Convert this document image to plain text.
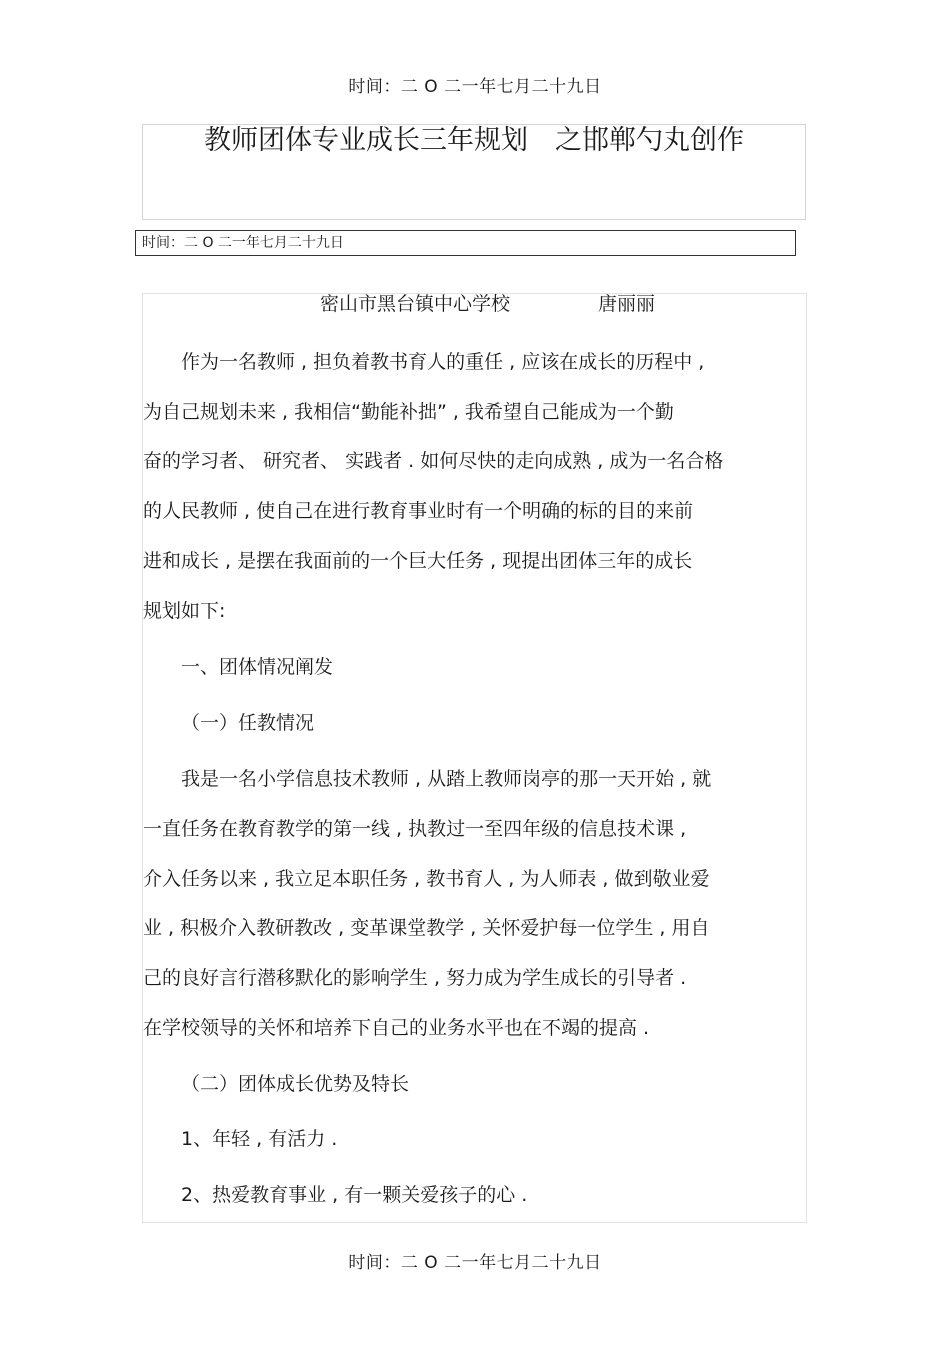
时间：二 O 二一年七月二十九日
教师团体专业成长三年规划　之邯郸勺丸创作
时间：二 O 二一年七月二十九日
密山市黑台镇中心学校	唐丽丽
作为一名教师 , 担负着教书育人的重任 , 应该在成长的历程中 ,
为自己规划未来 , 我相信“勤能补拙” , 我希望自己能成为一个勤
奋的学习者、 研究者、 实践者 . 如何尽快的走向成熟 , 成为一名合格
的人民教师 , 使自己在进行教育事业时有一个明确的标的目的来前
进和成长 , 是摆在我面前的一个巨大任务 , 现提出团体三年的成长
规划如下:
一、团体情况阐发
（一）任教情况
我是一名小学信息技术教师 , 从踏上教师岗亭的那一天开始 , 就
一直任务在教育教学的第一线 , 执教过一至四年级的信息技术课 ,
介入任务以来 , 我立足本职任务 , 教书育人 , 为人师表 , 做到敬业爱
业 , 积极介入教研教改 , 变革课堂教学 , 关怀爱护每一位学生 , 用自
己的良好言行潜移默化的影响学生 , 努力成为学生成长的引导者 .
在学校领导的关怀和培养下自己的业务水平也在不竭的提高 .
（二）团体成长优势及特长
1、年轻 , 有活力 .
2、热爱教育事业 , 有一颗关爱孩子的心 .
时间：二 O 二一年七月二十九日
